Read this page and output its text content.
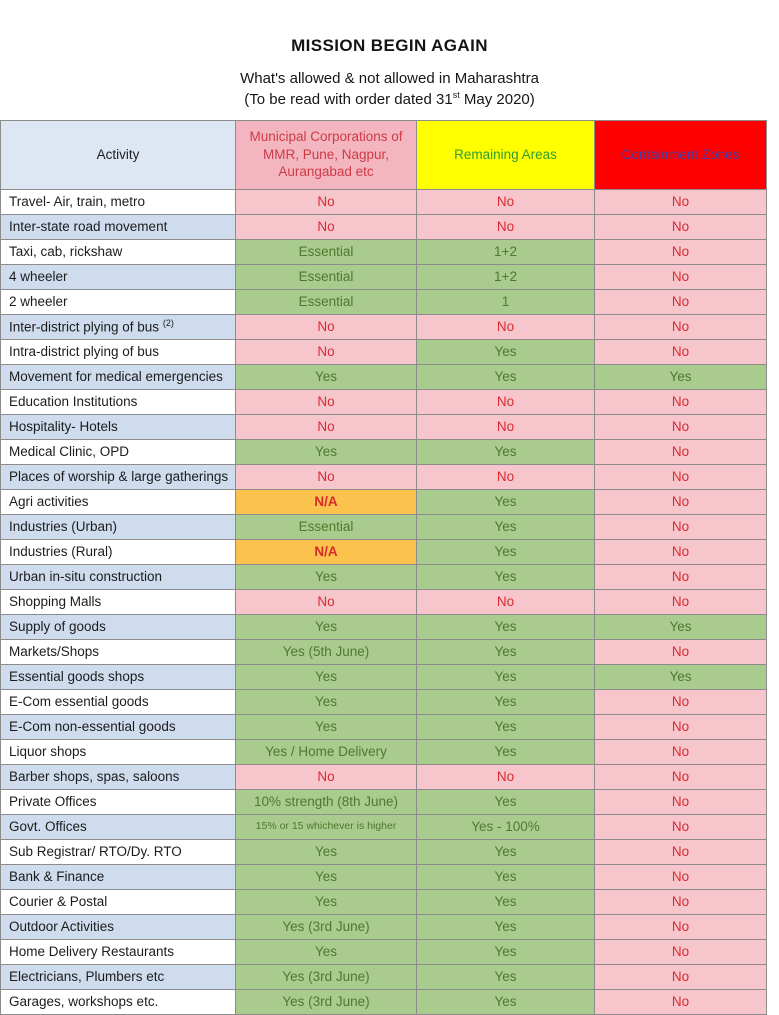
MISSION BEGIN AGAIN
What's allowed & not allowed in Maharashtra
(To be read with order dated 31st May 2020)
Activity	Municipal Corporations of MMR, Pune, Nagpur, Aurangabad etc	Remaining Areas	Containment Zones
Travel- Air, train, metro	No	No	No
Inter-state road movement	No	No	No
Taxi, cab, rickshaw	Essential	1+2	No
4 wheeler	Essential	1+2	No
2 wheeler	Essential	1	No
Inter-district plying of bus $^{(2)}$	No	No	No
Intra-district plying of bus	No	Yes	No
Movement for medical emergencies	Yes	Yes	Yes
Education Institutions	No	No	No
Hospitality- Hotels	No	No	No
Medical Clinic, OPD	Yes	Yes	No
Places of worship & large gatherings	No	No	No
Agri activities	N/A	Yes	No
Industries (Urban)	Essential	Yes	No
Industries (Rural)	N/A	Yes	No
Urban in-situ construction	Yes	Yes	No
Shopping Malls	No	No	No
Supply of goods	Yes	Yes	Yes
Markets/Shops	Yes (5th June)	Yes	No
Essential goods shops	Yes	Yes	Yes
E-Com essential goods	Yes	Yes	No
E-Com non-essential goods	Yes	Yes	No
Liquor shops	Yes / Home Delivery	Yes	No
Barber shops, spas, saloons	No	No	No
Private Offices	10% strength (8th June)	Yes	No
Govt. Offices	15% or 15 whichever is higher	Yes - 100%	No
Sub Registrar/ RTO/Dy. RTO	Yes	Yes	No
Bank & Finance	Yes	Yes	No
Courier & Postal	Yes	Yes	No
Outdoor Activities	Yes (3rd June)	Yes	No
Home Delivery Restaurants	Yes	Yes	No
Electricians, Plumbers etc	Yes (3rd June)	Yes	No
Garages, workshops etc.	Yes (3rd June)	Yes	No
